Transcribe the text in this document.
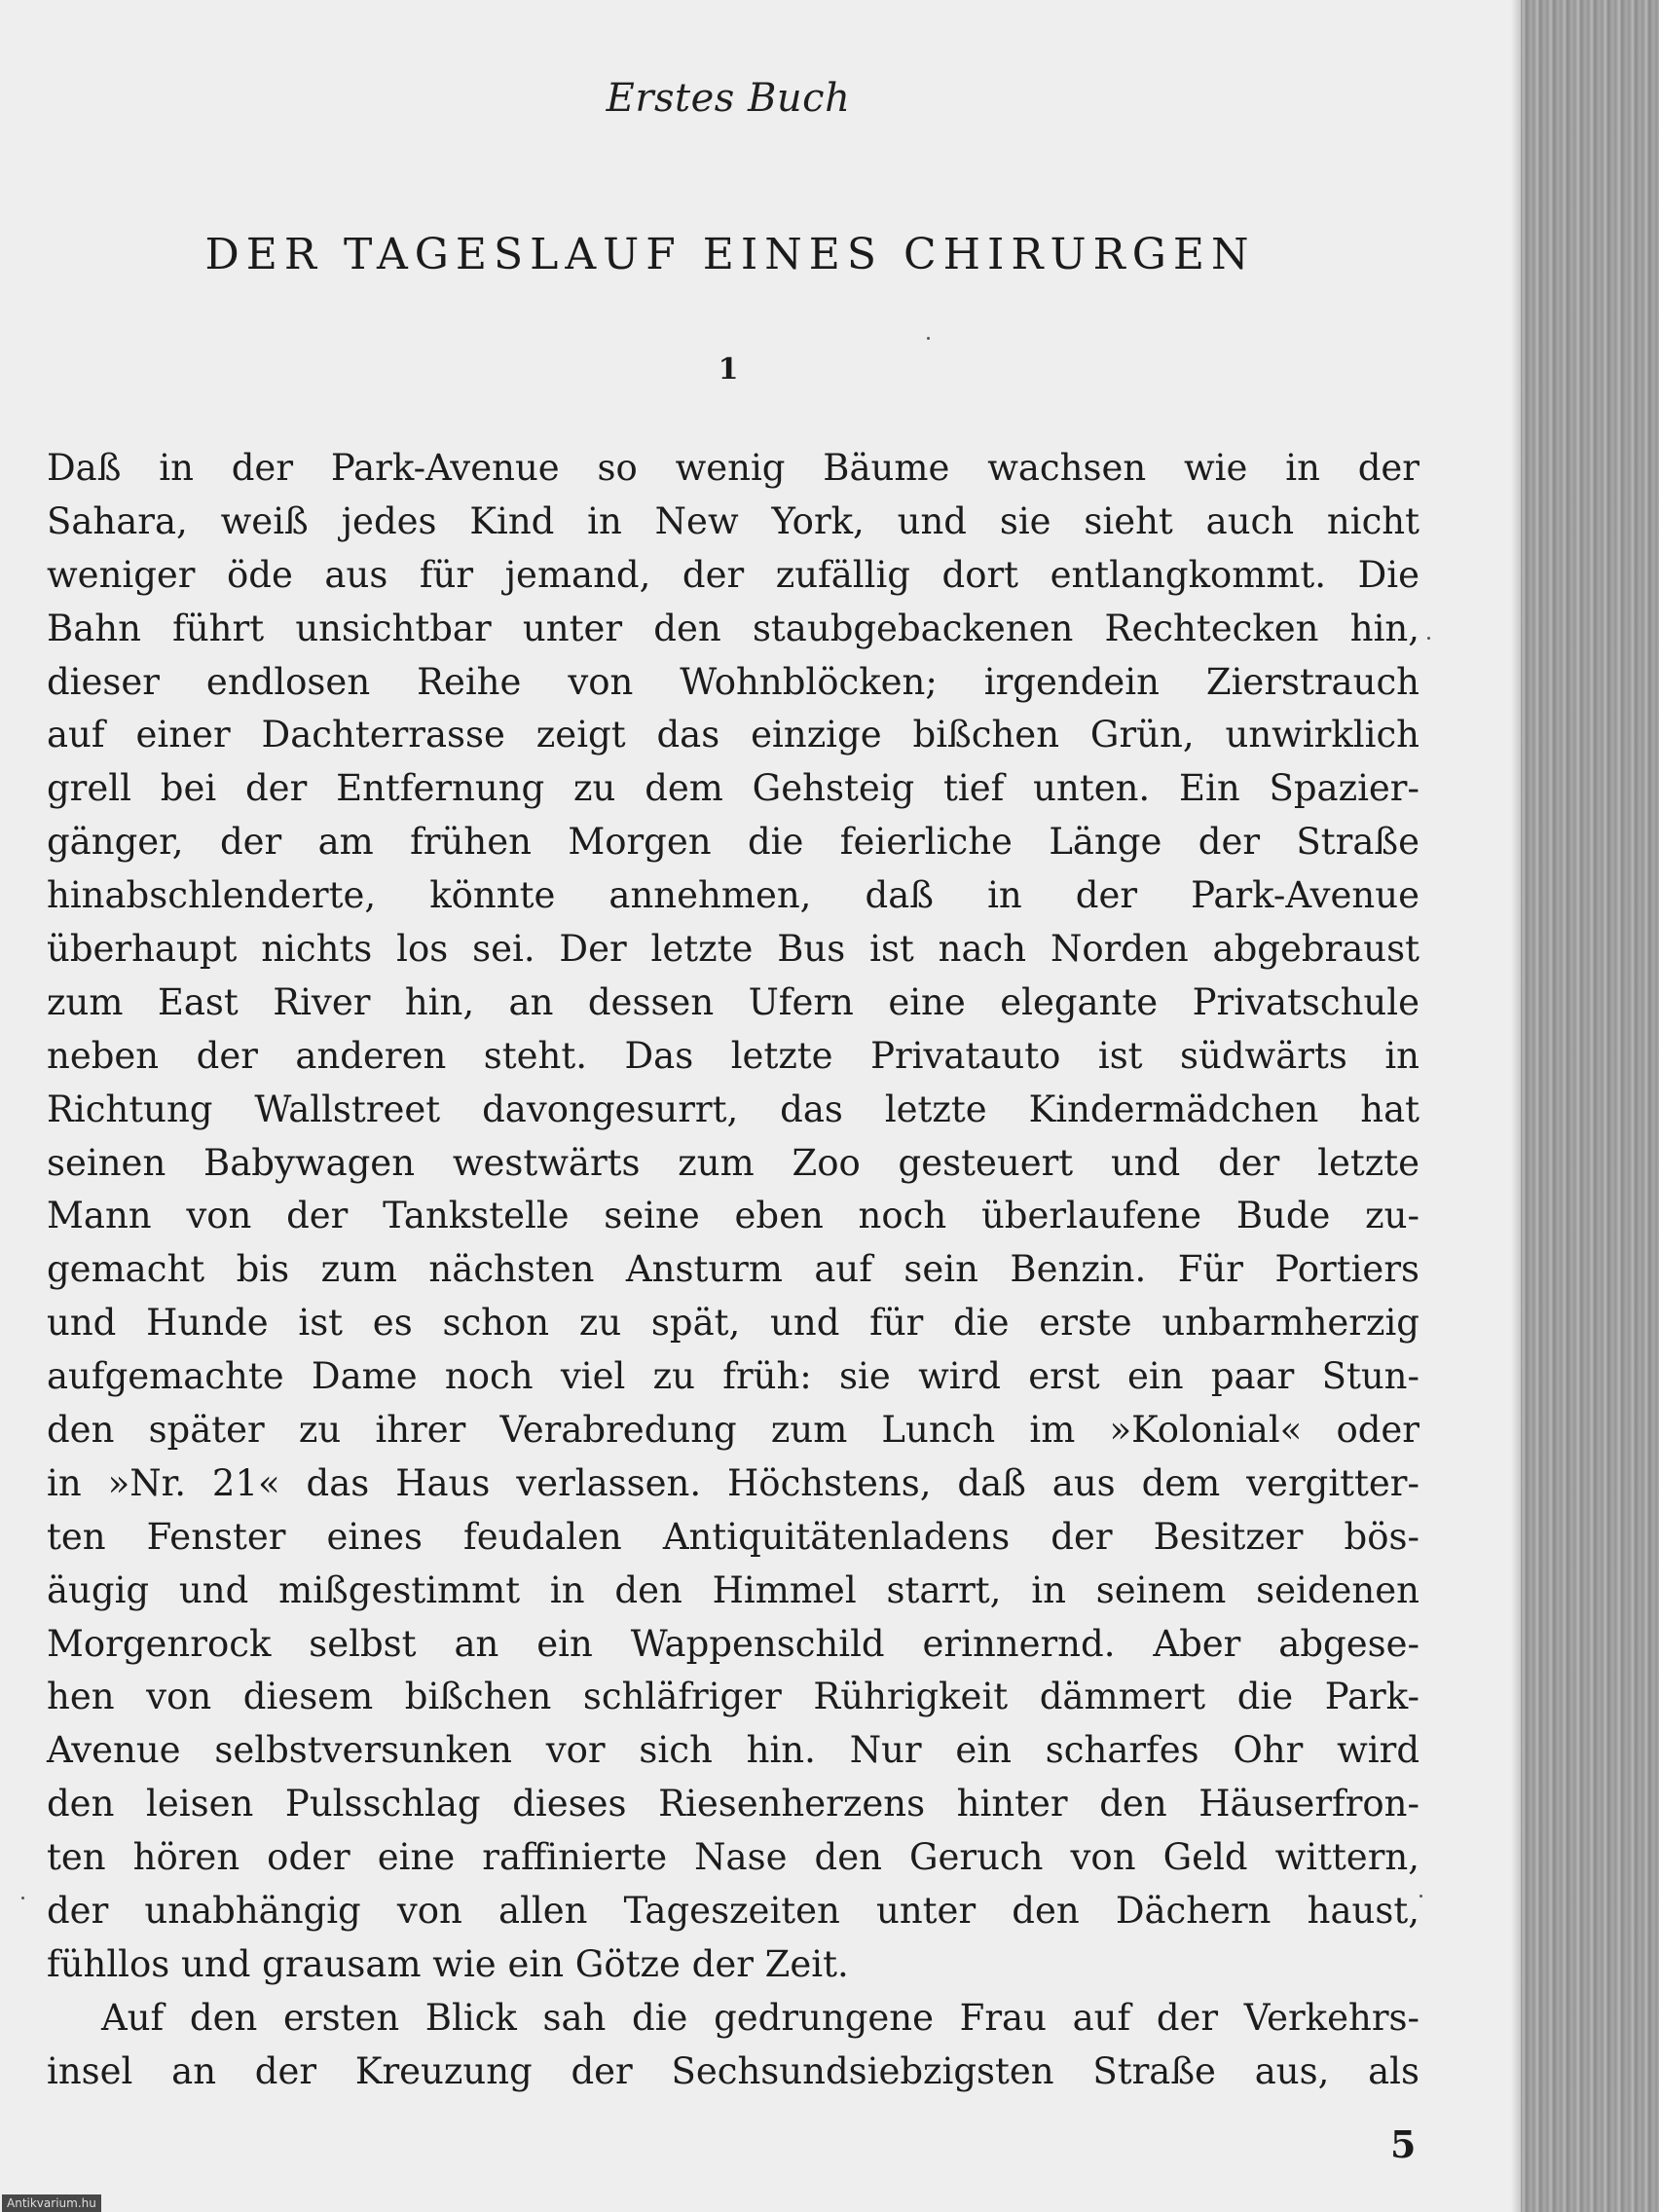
Erstes Buch
DER TAGESLAUF EINES CHIRURGEN
1
Daß in der Park-Avenue so wenig Bäume wachsen wie in der
Sahara, weiß jedes Kind in New York, und sie sieht auch nicht
weniger öde aus für jemand, der zufällig dort entlangkommt. Die
Bahn führt unsichtbar unter den staubgebackenen Rechtecken hin,
dieser endlosen Reihe von Wohnblöcken; irgendein Zierstrauch
auf einer Dachterrasse zeigt das einzige bißchen Grün, unwirklich
grell bei der Entfernung zu dem Gehsteig tief unten. Ein Spazier-
gänger, der am frühen Morgen die feierliche Länge der Straße
hinabschlenderte, könnte annehmen, daß in der Park-Avenue
überhaupt nichts los sei. Der letzte Bus ist nach Norden abgebraust
zum East River hin, an dessen Ufern eine elegante Privatschule
neben der anderen steht. Das letzte Privatauto ist südwärts in
Richtung Wallstreet davongesurrt, das letzte Kindermädchen hat
seinen Babywagen westwärts zum Zoo gesteuert und der letzte
Mann von der Tankstelle seine eben noch überlaufene Bude zu-
gemacht bis zum nächsten Ansturm auf sein Benzin. Für Portiers
und Hunde ist es schon zu spät, und für die erste unbarmherzig
aufgemachte Dame noch viel zu früh: sie wird erst ein paar Stun-
den später zu ihrer Verabredung zum Lunch im »Kolonial« oder
in »Nr. 21« das Haus verlassen. Höchstens, daß aus dem vergitter-
ten Fenster eines feudalen Antiquitätenladens der Besitzer bös-
äugig und mißgestimmt in den Himmel starrt, in seinem seidenen
Morgenrock selbst an ein Wappenschild erinnernd. Aber abgese-
hen von diesem bißchen schläfriger Rührigkeit dämmert die Park-
Avenue selbstversunken vor sich hin. Nur ein scharfes Ohr wird
den leisen Pulsschlag dieses Riesenherzens hinter den Häuserfron-
ten hören oder eine raffinierte Nase den Geruch von Geld wittern,
der unabhängig von allen Tageszeiten unter den Dächern haust,
fühllos und grausam wie ein Götze der Zeit.
Auf den ersten Blick sah die gedrungene Frau auf der Verkehrs-
insel an der Kreuzung der Sechsundsiebzigsten Straße aus, als
5
Antikvarium.hu
